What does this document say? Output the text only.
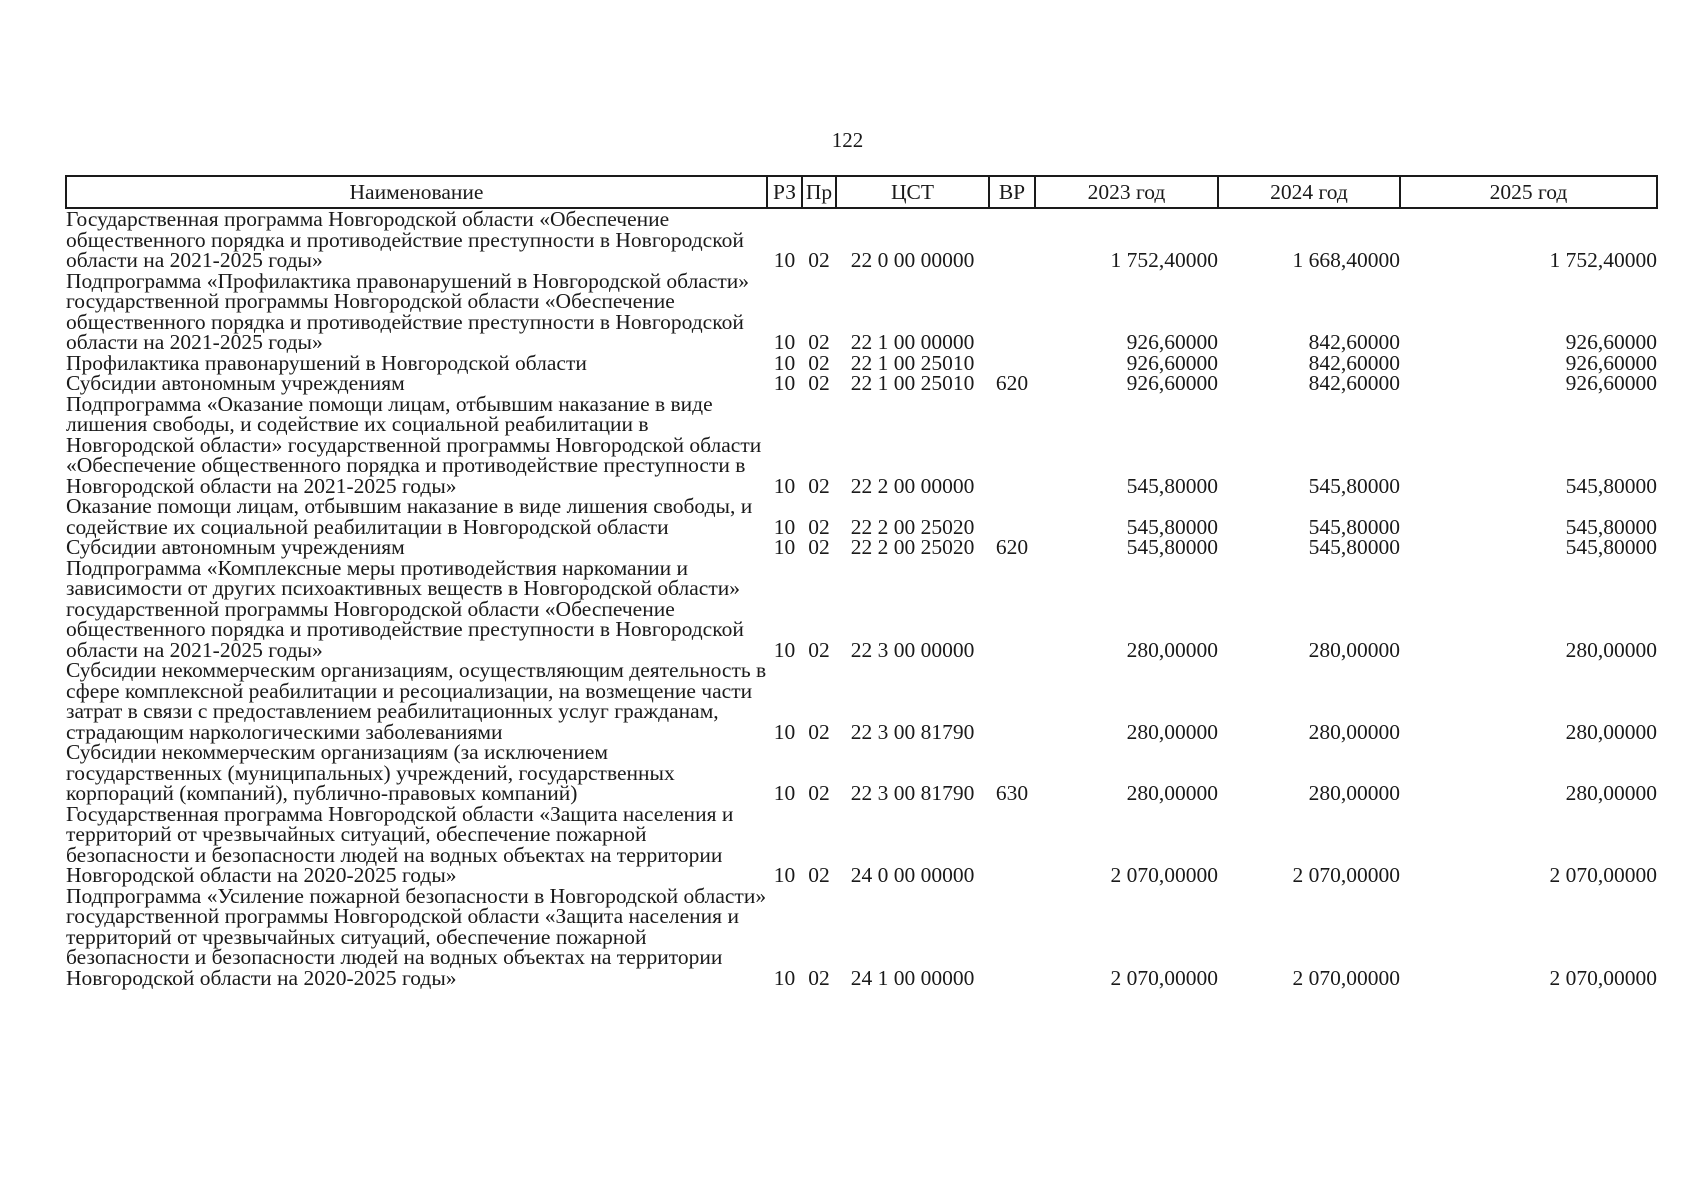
122
Наименование	РЗ	Пр	ЦСТ	ВР	2023 год	2024 год	2025 год
Государственная программа Новгородской области «Обеспечение общественного порядка и противодействие преступности в Новгородской области на 2021-2025 годы»	10	02	22 0 00 00000		1 752,40000	1 668,40000	1 752,40000
Подпрограмма «Профилактика правонарушений в Новгородской области» государственной программы Новгородской области «Обеспечение общественного порядка и противодействие преступности в Новгородской области на 2021-2025 годы»	10	02	22 1 00 00000		926,60000	842,60000	926,60000
Профилактика правонарушений в Новгородской области	10	02	22 1 00 25010		926,60000	842,60000	926,60000
Субсидии автономным учреждениям	10	02	22 1 00 25010	620	926,60000	842,60000	926,60000
Подпрограмма «Оказание помощи лицам, отбывшим наказание в виде лишения свободы, и содействие их социальной реабилитации в Новгородской области» государственной программы Новгородской области «Обеспечение общественного порядка и противодействие преступности в Новгородской области на 2021-2025 годы»	10	02	22 2 00 00000		545,80000	545,80000	545,80000
Оказание помощи лицам, отбывшим наказание в виде лишения свободы, и содействие их социальной реабилитации в Новгородской области	10	02	22 2 00 25020		545,80000	545,80000	545,80000
Субсидии автономным учреждениям	10	02	22 2 00 25020	620	545,80000	545,80000	545,80000
Подпрограмма «Комплексные меры противодействия наркомании и зависимости от других психоактивных веществ в Новгородской области» государственной программы Новгородской области «Обеспечение общественного порядка и противодействие преступности в Новгородской области на 2021-2025 годы»	10	02	22 3 00 00000		280,00000	280,00000	280,00000
Субсидии некоммерческим организациям, осуществляющим деятельность в сфере комплексной реабилитации и ресоциализации, на возмещение части затрат в связи с предоставлением реабилитационных услуг гражданам, страдающим наркологическими заболеваниями	10	02	22 3 00 81790		280,00000	280,00000	280,00000
Субсидии некоммерческим организациям (за исключением государственных (муниципальных) учреждений, государственных корпораций (компаний), публично-правовых компаний)	10	02	22 3 00 81790	630	280,00000	280,00000	280,00000
Государственная программа Новгородской области «Защита населения и территорий от чрезвычайных ситуаций, обеспечение пожарной безопасности и безопасности людей на водных объектах на территории Новгородской области на 2020-2025 годы»	10	02	24 0 00 00000		2 070,00000	2 070,00000	2 070,00000
Подпрограмма «Усиление пожарной безопасности в Новгородской области» государственной программы Новгородской области «Защита населения и территорий от чрезвычайных ситуаций, обеспечение пожарной безопасности и безопасности людей на водных объектах на территории Новгородской области на 2020-2025 годы»	10	02	24 1 00 00000		2 070,00000	2 070,00000	2 070,00000
